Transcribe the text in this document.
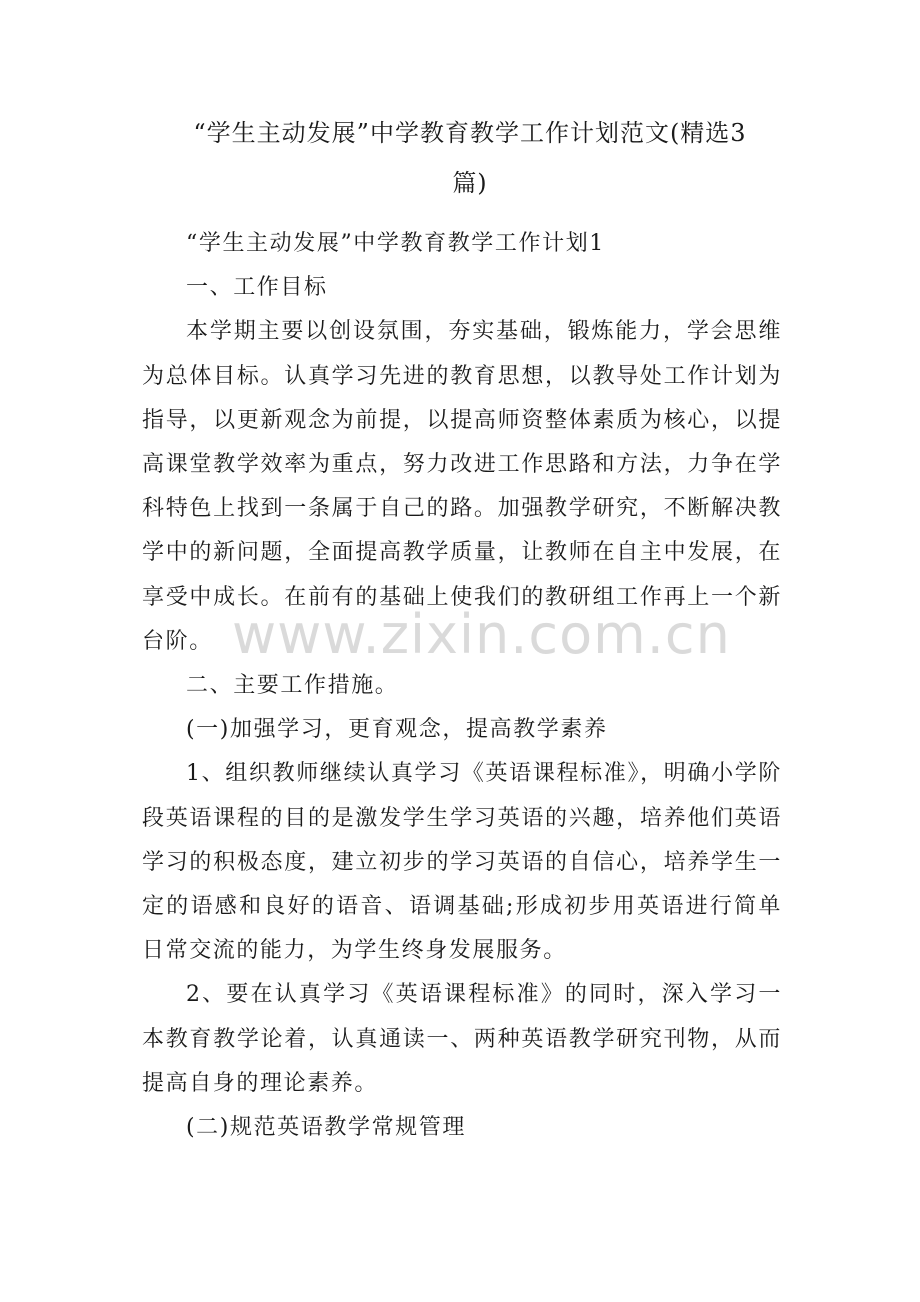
“学生主动发展”中学教育教学工作计划范文(精选3
篇)

“学生主动发展”中学教育教学工作计划1

一、工作目标

本学期主要以创设氛围，夯实基础，锻炼能力，学会思维为总体目标。认真学习先进的教育思想，以教导处工作计划为指导，以更新观念为前提，以提高师资整体素质为核心，以提高课堂教学效率为重点，努力改进工作思路和方法，力争在学科特色上找到一条属于自己的路。加强教学研究，不断解决教学中的新问题，全面提高教学质量，让教师在自主中发展，在享受中成长。在前有的基础上使我们的教研组工作再上一个新台阶。

二、主要工作措施。

(一)加强学习，更育观念，提高教学素养

1、组织教师继续认真学习《英语课程标准》，明确小学阶段英语课程的目的是激发学生学习英语的兴趣，培养他们英语学习的积极态度，建立初步的学习英语的自信心，培养学生一定的语感和良好的语音、语调基础;形成初步用英语进行简单日常交流的能力，为学生终身发展服务。

2、要在认真学习《英语课程标准》的同时，深入学习一本教育教学论着，认真通读一、两种英语教学研究刊物，从而提高自身的理论素养。

(二)规范英语教学常规管理

www.zixin.com.cn
